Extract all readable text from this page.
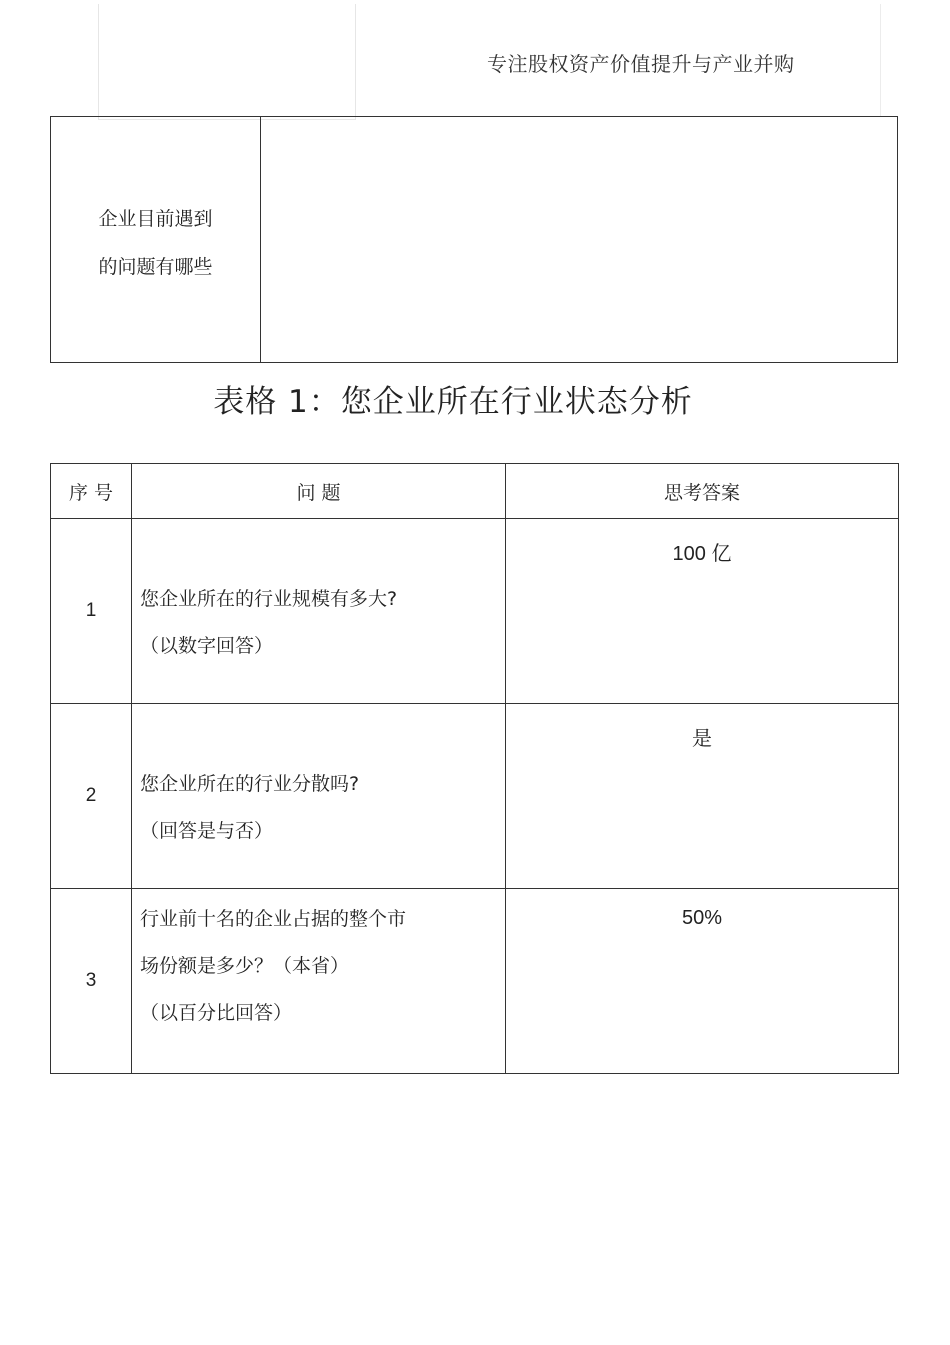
专注股权资产价值提升与产业并购
企业目前遇到
的问题有哪些

表格 1：您企业所在行业状态分析
序 号	问 题	思考答案
1	您企业所在的行业规模有多大?
（以数字回答）	100 亿

2	您企业所在的行业分散吗?
（回答是与否）	是

3	行业前十名的企业占据的整个市
场份额是多少？（本省）
（以百分比回答）	50%
